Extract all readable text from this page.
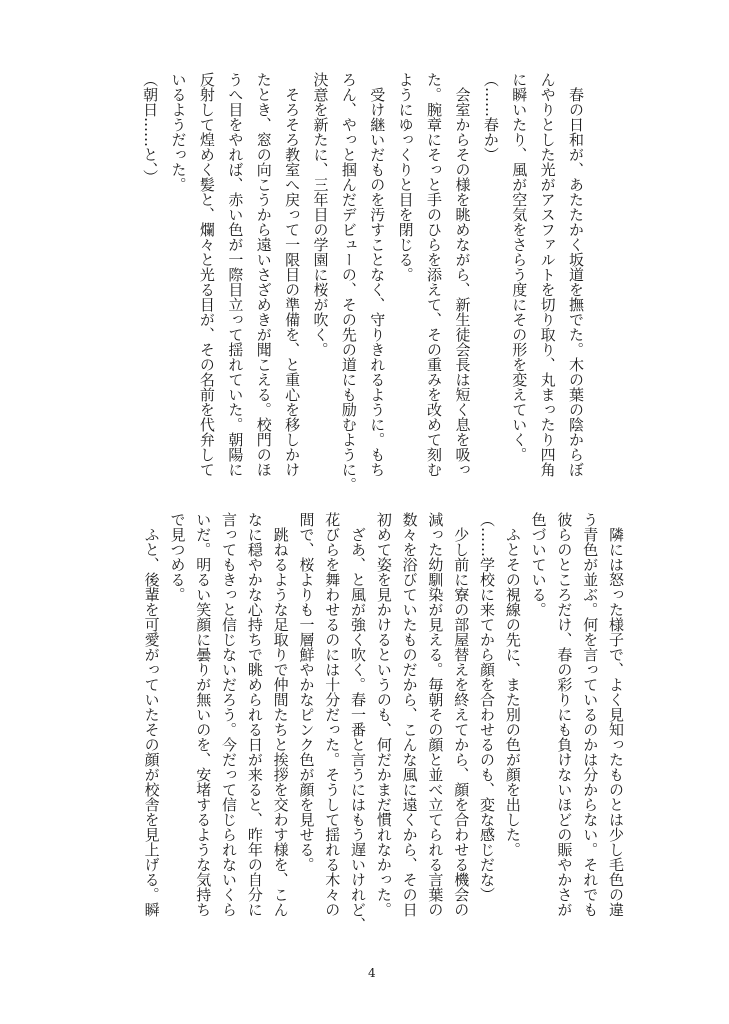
　春の日和が、あたたかく坂道を撫でた。木の葉の陰からぼ
んやりとした光がアスファルトを切り取り、丸まったり四角
に瞬いたり、風が空気をさらう度にその形を変えていく。
（……春か）
　会室からその様を眺めながら、新生徒会長は短く息を吸っ
た。腕章にそっと手のひらを添えて、その重みを改めて刻む
ようにゆっくりと目を閉じる。
　受け継いだものを汚すことなく、守りきれるように。もち
ろん、やっと掴んだデビューの、その先の道にも励むように。
決意を新たに、三年目の学園に桜が吹く。
　そろそろ教室へ戻って一限目の準備を、と重心を移しかけ
たとき、窓の向こうから遠いさざめきが聞こえる。校門のほ
うへ目をやれば、赤い色が一際目立って揺れていた。朝陽に
反射して煌めく髪と、爛々と光る目が、その名前を代弁して
いるようだった。
（朝日……と、）
　隣には怒った様子で、よく見知ったものとは少し毛色の違
う青色が並ぶ。何を言っているのかは分からない。それでも
彼らのところだけ、春の彩りにも負けないほどの賑やかさが
色づいている。
　ふとその視線の先に、また別の色が顔を出した。
（……学校に来てから顔を合わせるのも、変な感じだな）
　少し前に寮の部屋替えを終えてから、顔を合わせる機会の
減った幼馴染が見える。毎朝その顔と並べ立てられる言葉の
数々を浴びていたものだから、こんな風に遠くから、その日
初めて姿を見かけるというのも、何だかまだ慣れなかった。
　ざあ、と風が強く吹く。春一番と言うにはもう遅いけれど、
花びらを舞わせるのには十分だった。そうして揺れる木々の
間で、桜よりも一層鮮やかなピンク色が顔を見せる。
　跳ねるような足取りで仲間たちと挨拶を交わす様を、こん
なに穏やかな心持ちで眺められる日が来ると、昨年の自分に
言ってもきっと信じないだろう。今だって信じられないくら
いだ。明るい笑顔に曇りが無いのを、安堵するような気持ち
で見つめる。
　ふと、後輩を可愛がっていたその顔が校舎を見上げる。瞬
4
